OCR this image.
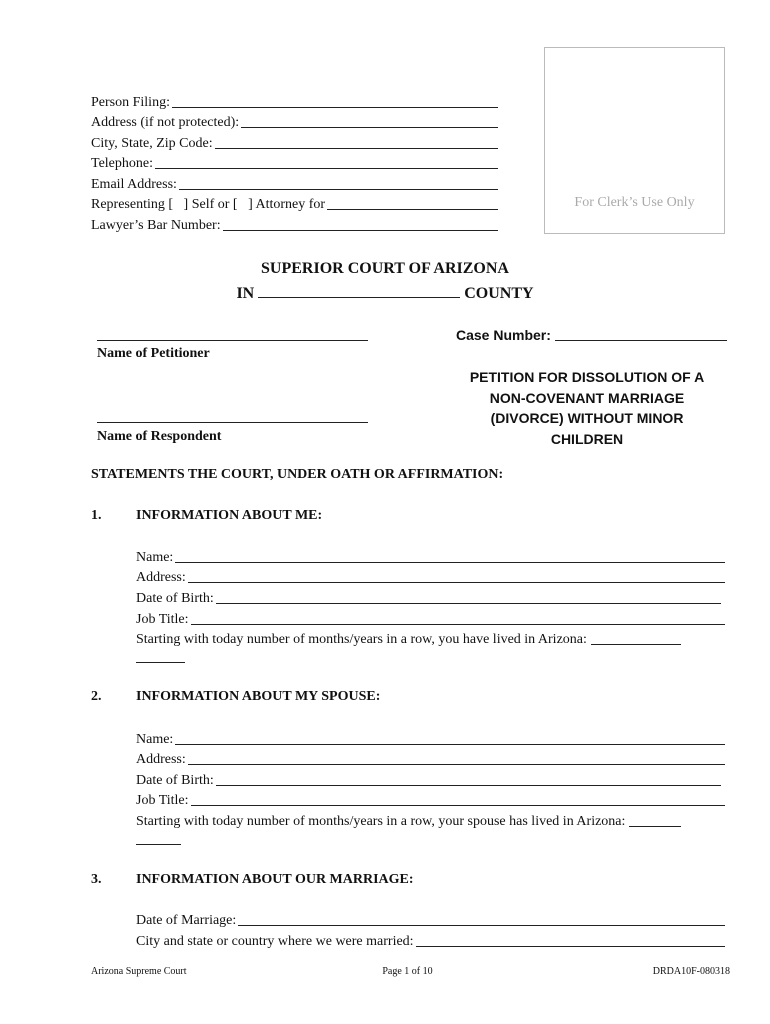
Person Filing:
Address (if not protected):
City, State, Zip Code:
Telephone:
Email Address:
Representing [   ] Self or [   ] Attorney for
Lawyer’s Bar Number:
For Clerk’s Use Only
SUPERIOR COURT OF ARIZONA
IN	COUNTY
Name of Petitioner
Name of Respondent
Case Number:
PETITION FOR DISSOLUTION OF A
NON-COVENANT MARRIAGE
(DIVORCE) WITHOUT MINOR
CHILDREN
STATEMENTS THE COURT, UNDER OATH OR AFFIRMATION:
1. INFORMATION ABOUT ME:
Name:
Address:
Date of Birth:
Job Title:
Starting with today number of months/years in a row, you have lived in Arizona:
2. INFORMATION ABOUT MY SPOUSE:
Name:
Address:
Date of Birth:
Job Title:
Starting with today number of months/years in a row, your spouse has lived in Arizona:
3. INFORMATION ABOUT OUR MARRIAGE:
Date of Marriage:
City and state or country where we were married:
Arizona Supreme Court	Page 1 of 10	DRDA10F-080318
